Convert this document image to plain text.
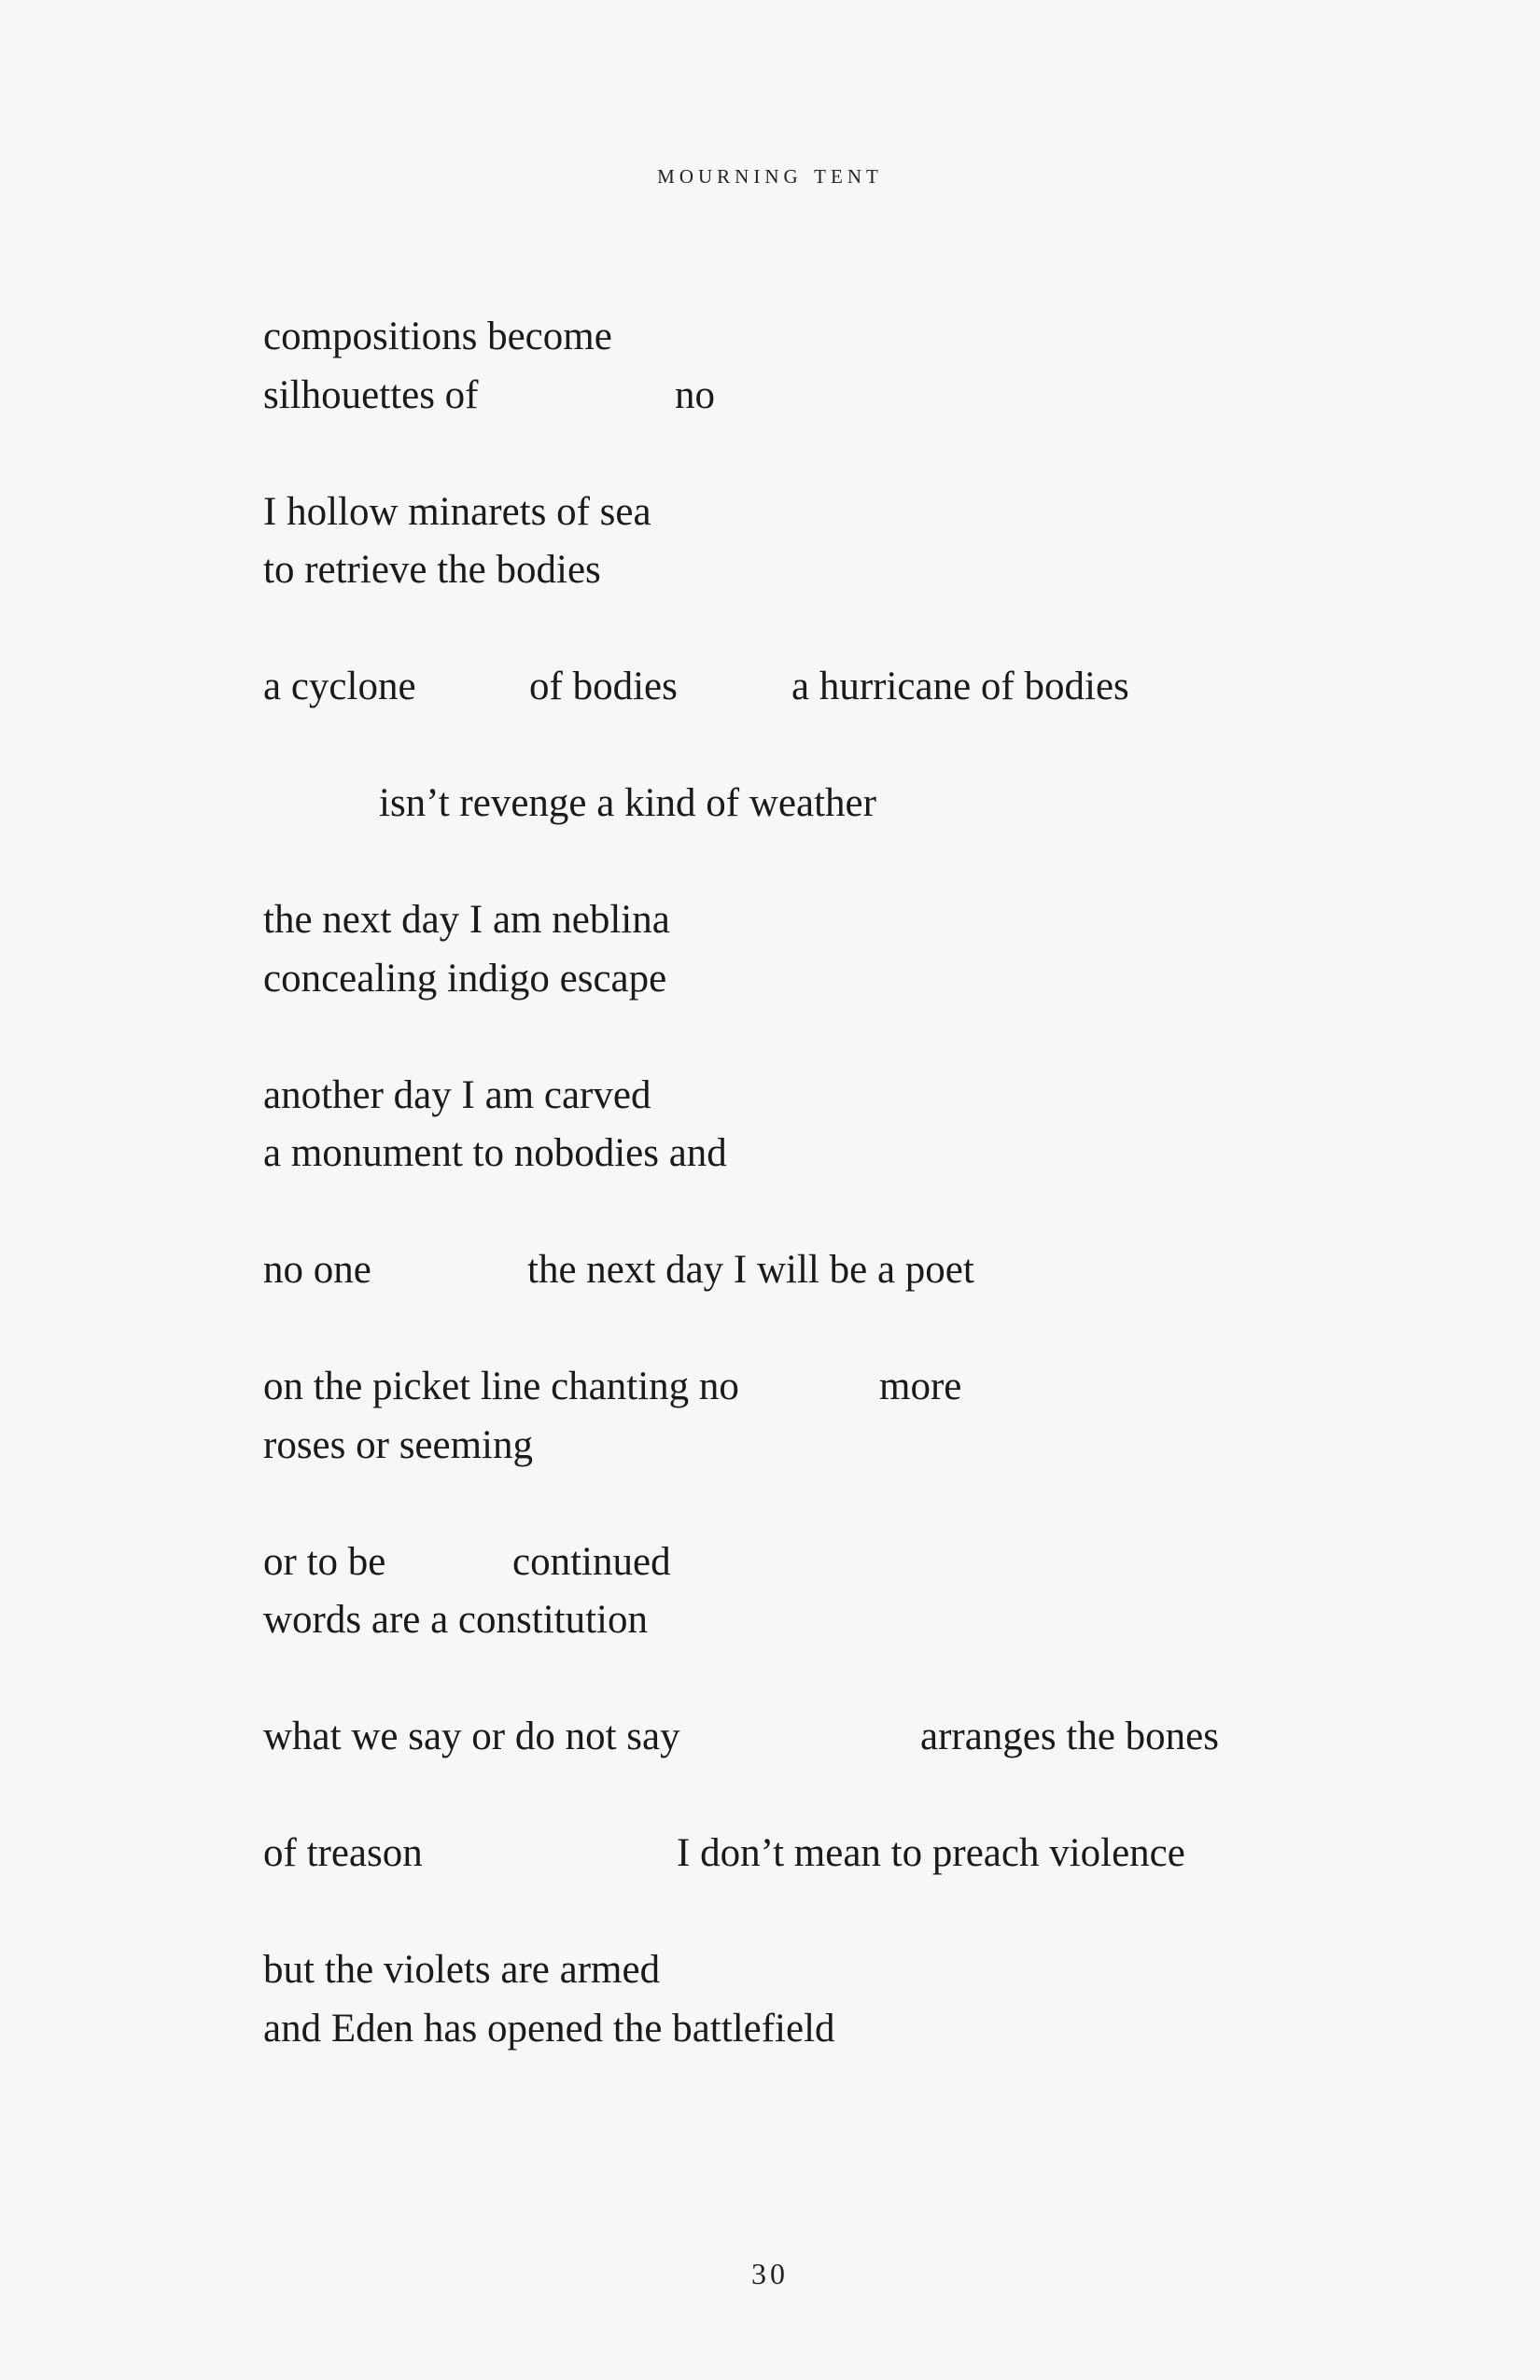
mourning tent
compositions become
silhouettes of	no
I hollow minarets of sea
to retrieve the bodies
a cyclone	of bodies	a hurricane of bodies
isn’t revenge a kind of weather
the next day I am neblina
concealing indigo escape
another day I am carved
a monument to nobodies and
no one	the next day I will be a poet
on the picket line chanting no	more
roses or seeming
or to be	continued
words are a constitution
what we say or do not say	arranges the bones
of treason	I don’t mean to preach violence
but the violets are armed
and Eden has opened the battlefield
30
